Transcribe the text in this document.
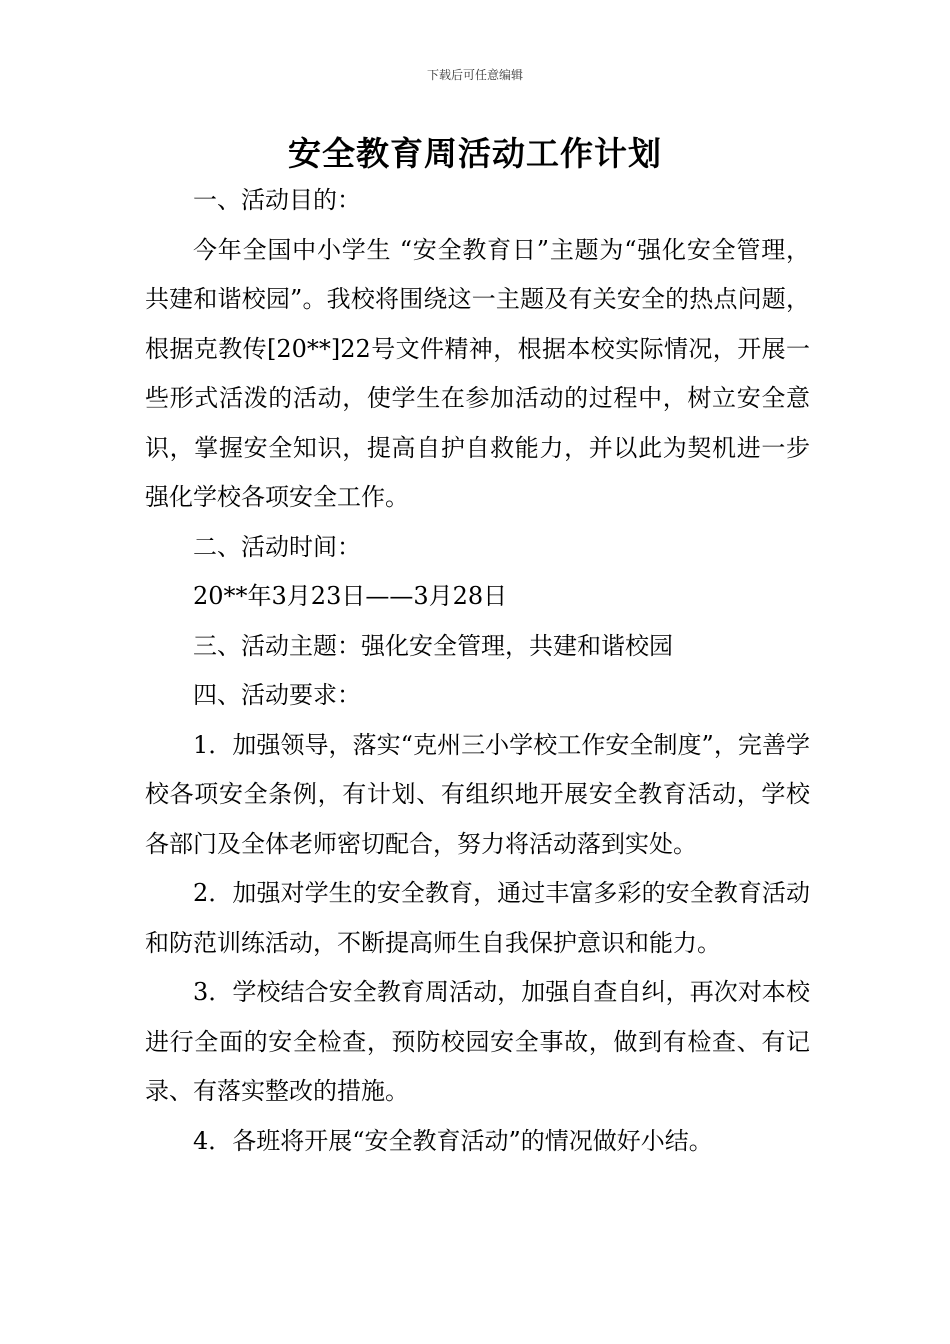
下载后可任意编辑
安全教育周活动工作计划

一、活动目的：

今年全国中小学生 “安全教育日”主题为“强化安全管理，共建和谐校园”。我校将围绕这一主题及有关安全的热点问题，根据克教传[20**]22号文件精神，根据本校实际情况，开展一些形式活泼的活动，使学生在参加活动的过程中，树立安全意识，掌握安全知识，提高自护自救能力，并以此为契机进一步强化学校各项安全工作。

二、活动时间：

20**年3月23日——3月28日

三、活动主题：强化安全管理，共建和谐校园

四、活动要求：

1．加强领导，落实“克州三小学校工作安全制度”，完善学校各项安全条例，有计划、有组织地开展安全教育活动，学校各部门及全体老师密切配合，努力将活动落到实处。

2．加强对学生的安全教育，通过丰富多彩的安全教育活动和防范训练活动，不断提高师生自我保护意识和能力。

3．学校结合安全教育周活动，加强自查自纠，再次对本校进行全面的安全检查，预防校园安全事故，做到有检查、有记录、有落实整改的措施。

4．各班将开展“安全教育活动”的情况做好小结。
